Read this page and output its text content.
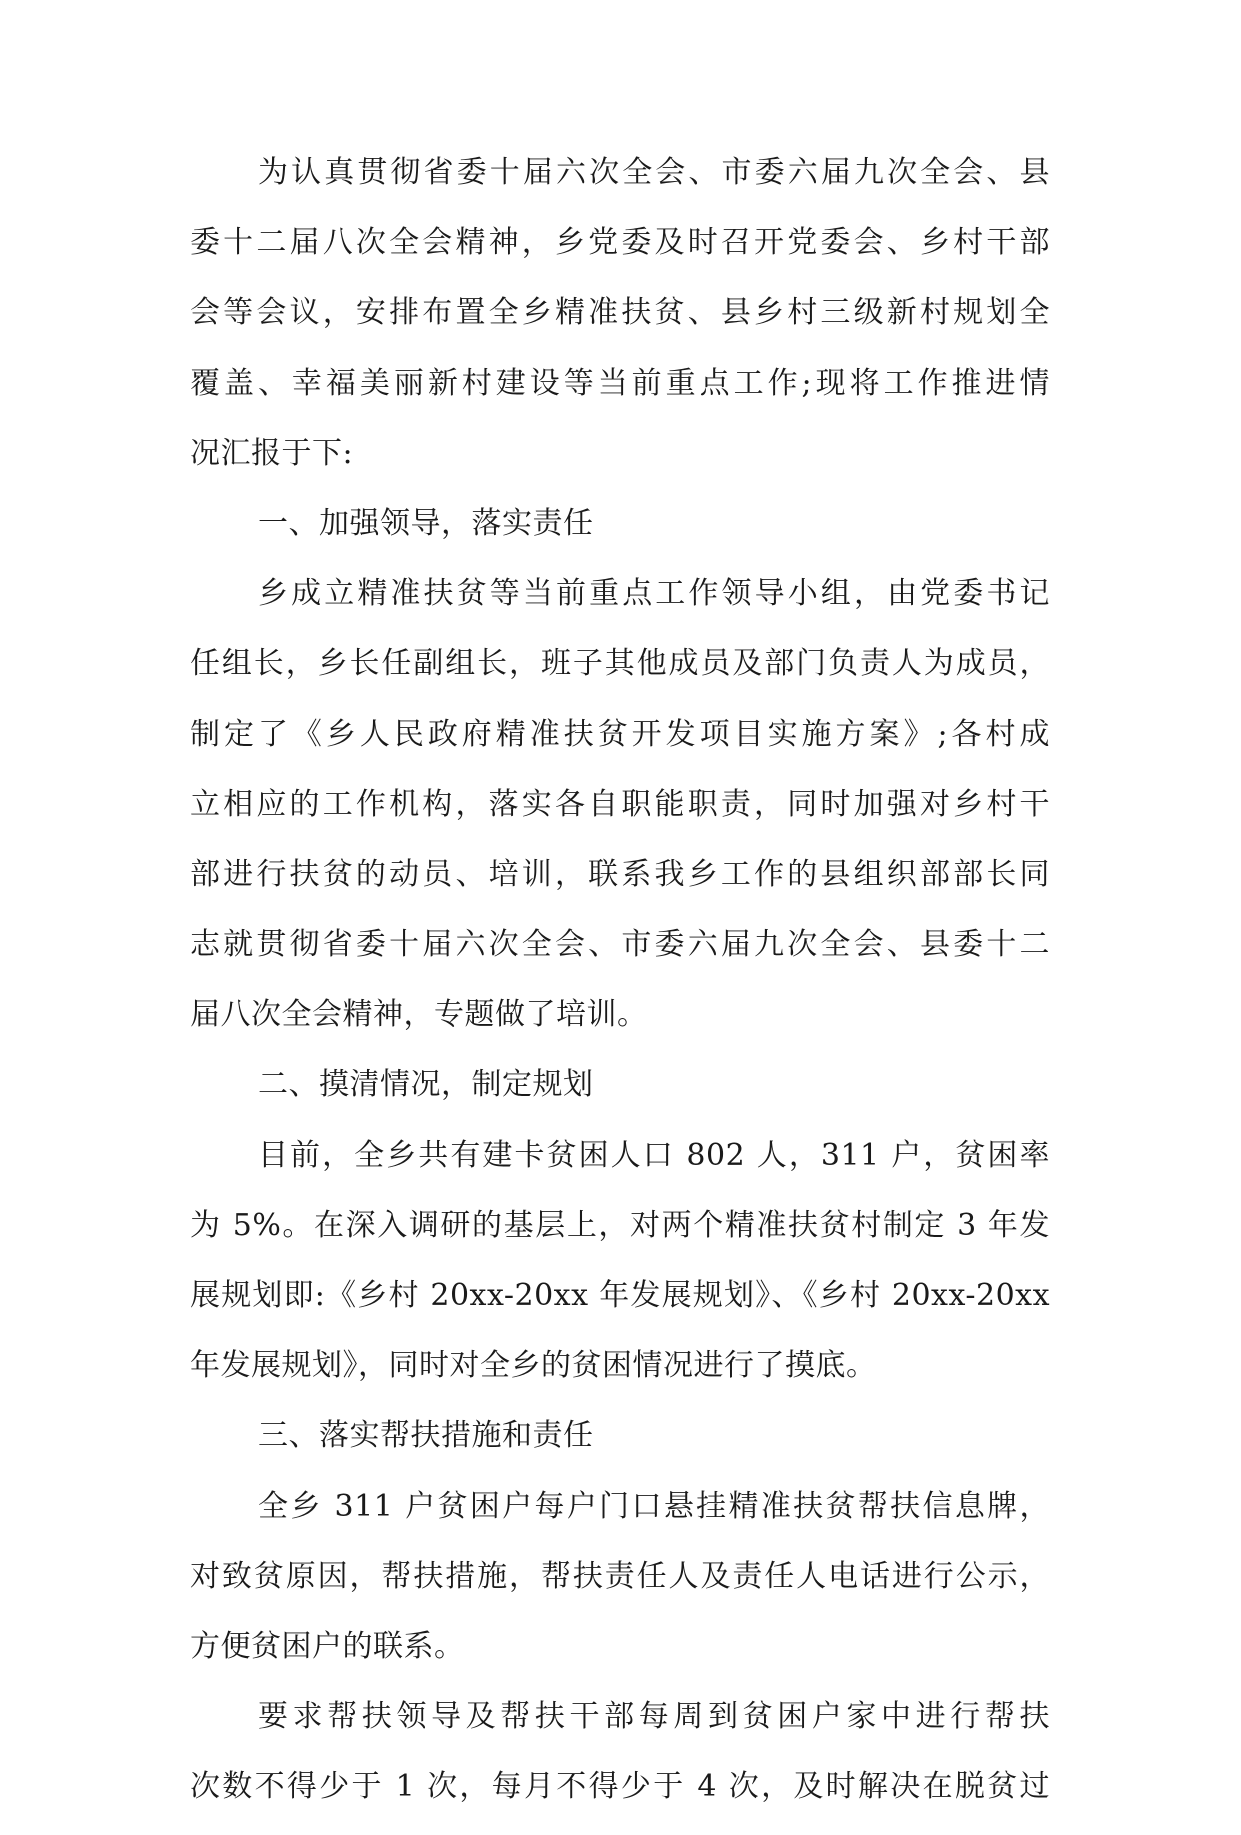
为认真贯彻省委十届六次全会、市委六届九次全会、县
委十二届八次全会精神，乡党委及时召开党委会、乡村干部
会等会议，安排布置全乡精准扶贫、县乡村三级新村规划全
覆盖、幸福美丽新村建设等当前重点工作;现将工作推进情
况汇报于下:
一、加强领导，落实责任
乡成立精准扶贫等当前重点工作领导小组，由党委书记
任组长，乡长任副组长，班子其他成员及部门负责人为成员，
制定了《乡人民政府精准扶贫开发项目实施方案》;各村成
立相应的工作机构，落实各自职能职责，同时加强对乡村干
部进行扶贫的动员、培训，联系我乡工作的县组织部部长同
志就贯彻省委十届六次全会、市委六届九次全会、县委十二
届八次全会精神，专题做了培训。
二、摸清情况，制定规划
目前，全乡共有建卡贫困人口 802 人，311 户，贫困率
为 5%。在深入调研的基层上，对两个精准扶贫村制定 3 年发
展规划即:《乡村 20xx-20xx 年发展规划》、《乡村 20xx-20xx
年发展规划》，同时对全乡的贫困情况进行了摸底。
三、落实帮扶措施和责任
全乡 311 户贫困户每户门口悬挂精准扶贫帮扶信息牌，
对致贫原因，帮扶措施，帮扶责任人及责任人电话进行公示，
方便贫困户的联系。
要求帮扶领导及帮扶干部每周到贫困户家中进行帮扶
次数不得少于 1 次，每月不得少于 4 次，及时解决在脱贫过
